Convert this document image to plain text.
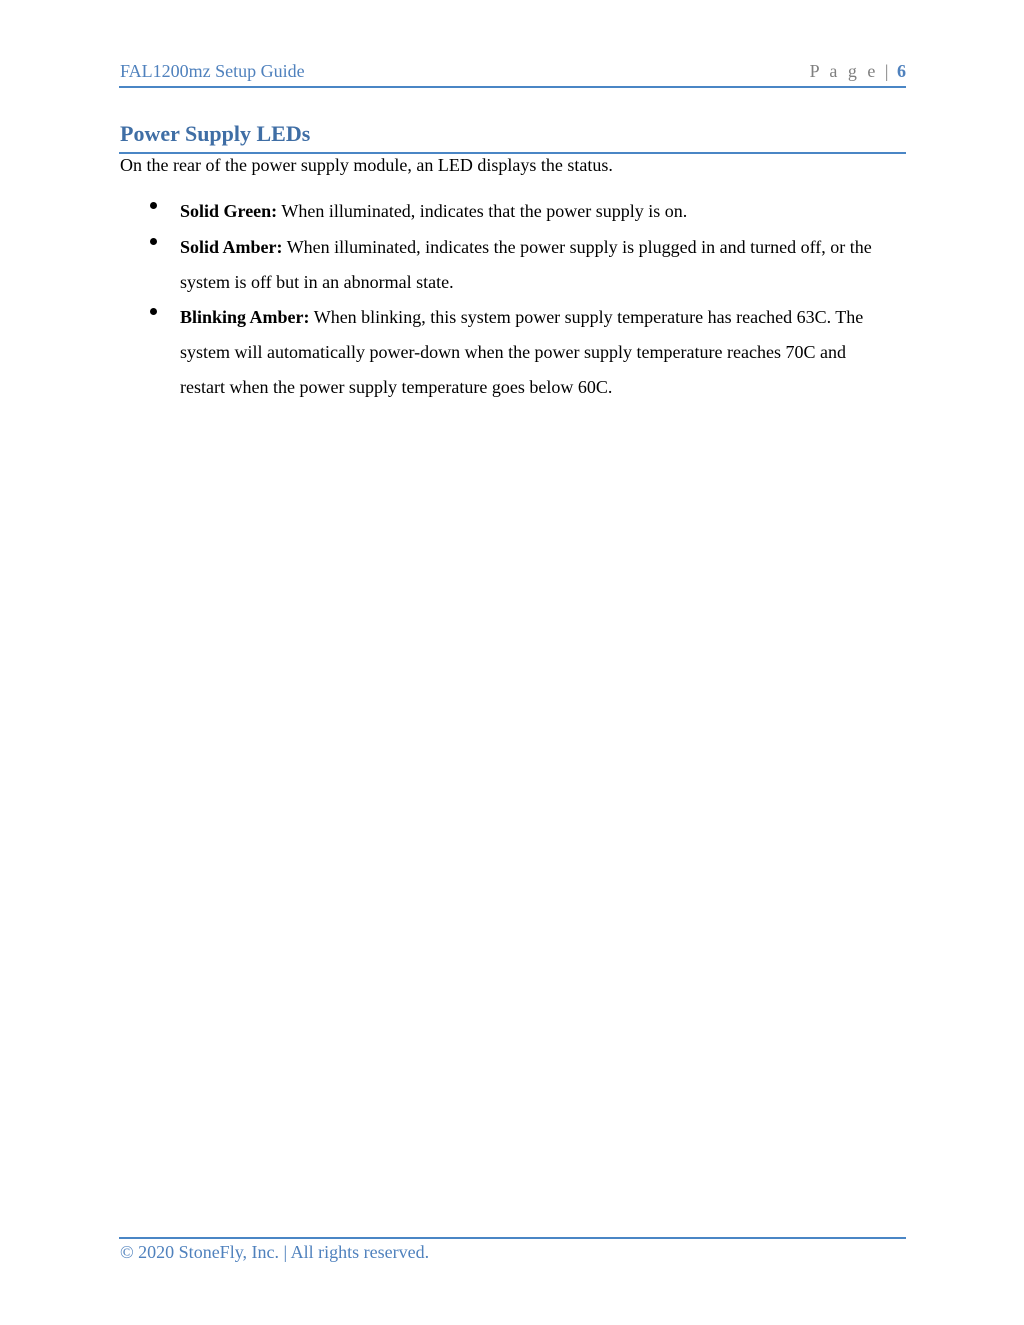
FAL1200mz Setup Guide	P a g e | 6
Power Supply LEDs
On the rear of the power supply module, an LED displays the status.
Solid Green: When illuminated, indicates that the power supply is on.
Solid Amber: When illuminated, indicates the power supply is plugged in and turned off, or the system is off but in an abnormal state.
Blinking Amber: When blinking, this system power supply temperature has reached 63C. The system will automatically power-down when the power supply temperature reaches 70C and restart when the power supply temperature goes below 60C.
© 2020 StoneFly, Inc. | All rights reserved.
